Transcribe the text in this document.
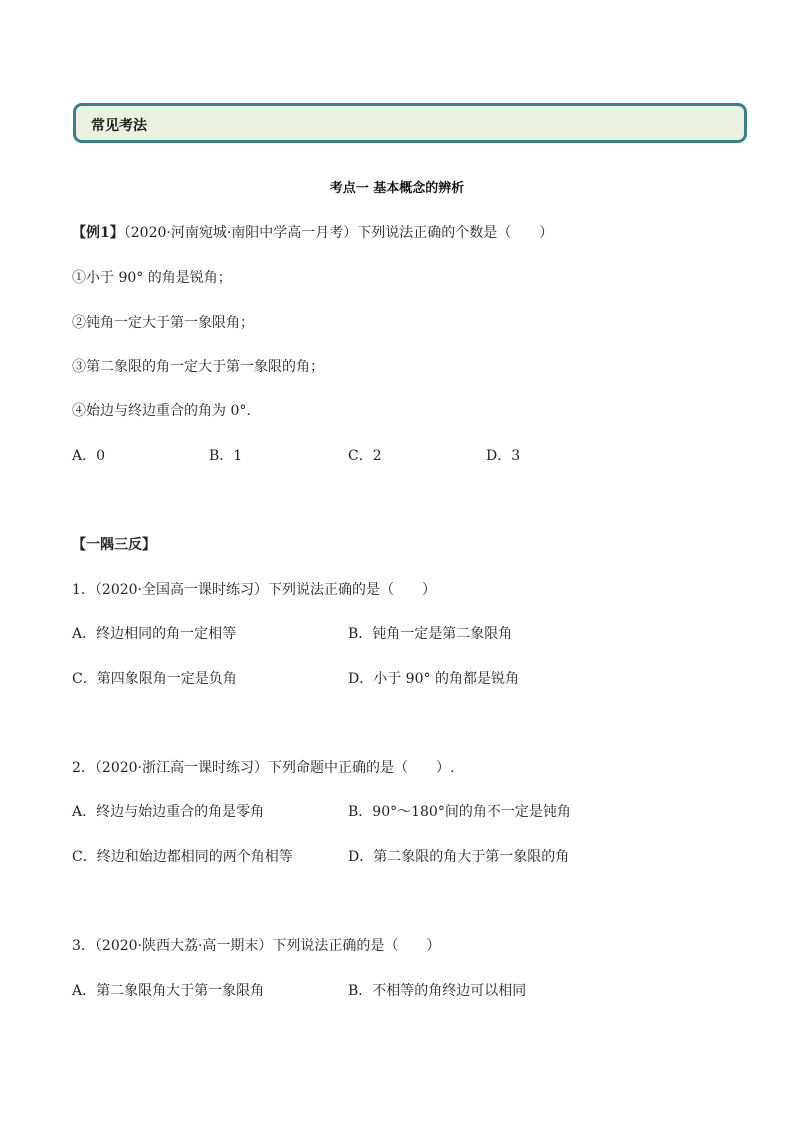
常见考法
考点一 基本概念的辨析
【例1】（2020·河南宛城·南阳中学高一月考）下列说法正确的个数是（　　）
①小于 90° 的角是锐角；
②钝角一定大于第一象限角；
③第二象限的角一定大于第一象限的角；
④始边与终边重合的角为 0°.
A．0	B．1	C．2	D．3
【一隅三反】
1．（2020·全国高一课时练习）下列说法正确的是（　　）
A．终边相同的角一定相等	B．钝角一定是第二象限角
C．第四象限角一定是负角	D．小于 90° 的角都是锐角
2．（2020·浙江高一课时练习）下列命题中正确的是（　　）.
A．终边与始边重合的角是零角	B．90°～180°间的角不一定是钝角
C．终边和始边都相同的两个角相等	D．第二象限的角大于第一象限的角
3．（2020·陕西大荔·高一期末）下列说法正确的是（　　）
A．第二象限角大于第一象限角	B．不相等的角终边可以相同
